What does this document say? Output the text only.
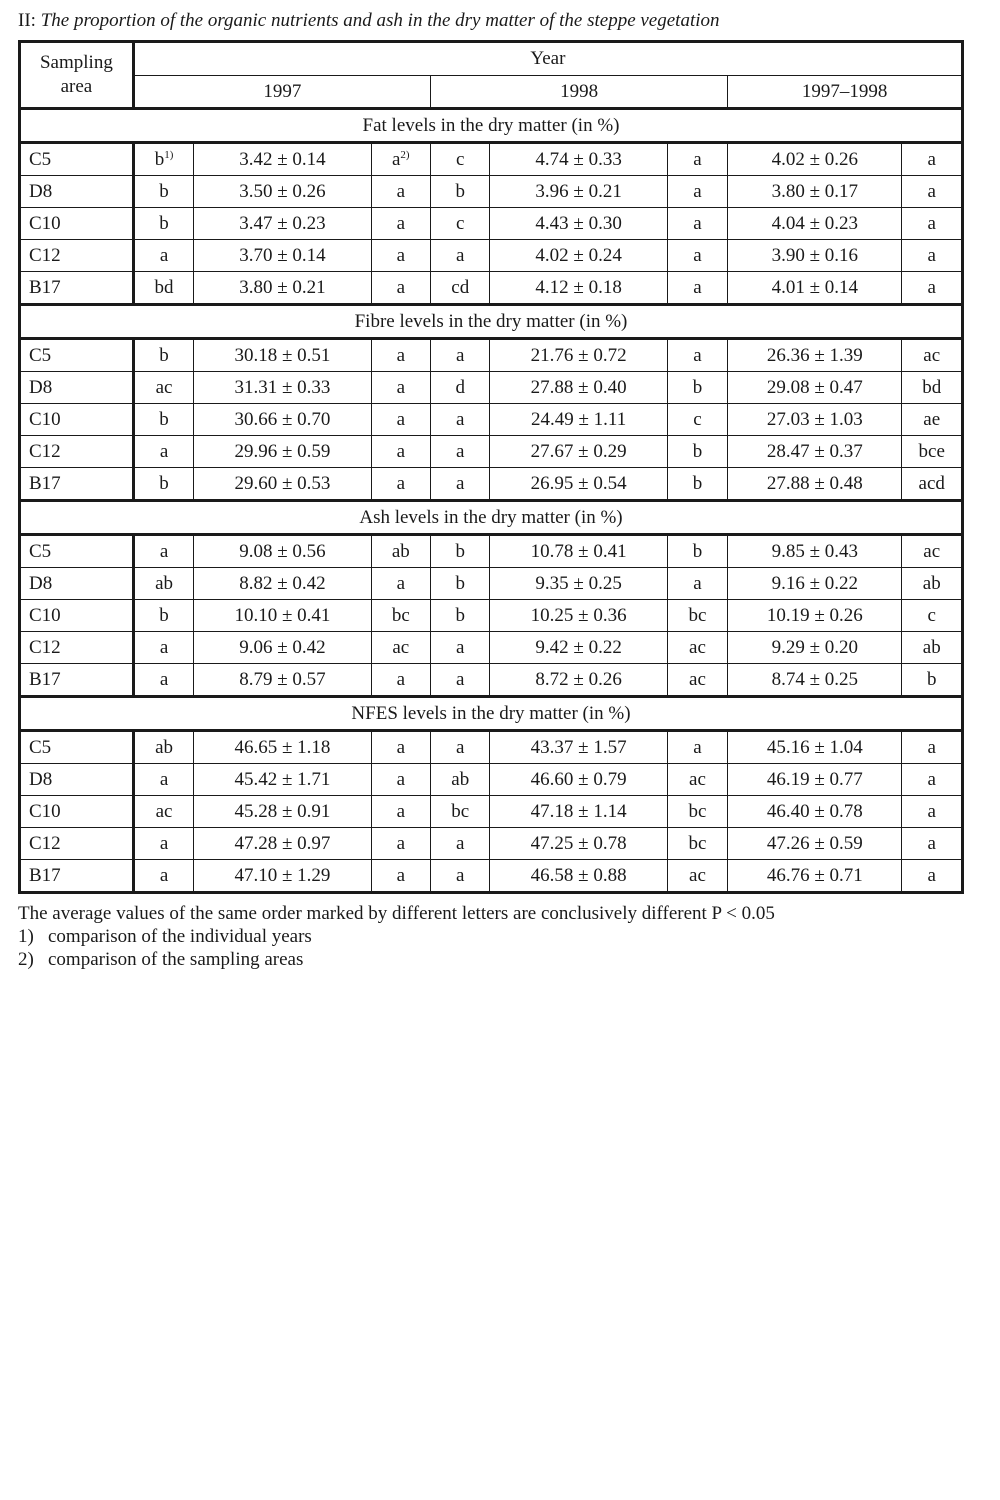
II: The proportion of the organic nutrients and ash in the dry matter of the steppe vegetation
Sampling
area	Year							
	1997			1998			1997–1998	
Fat levels in the dry matter (in %)								
C5	b$^{1)}$	3.42 ± 0.14	a$^{2)}$	c	4.74 ± 0.33	a	4.02 ± 0.26	a
D8	b	3.50 ± 0.26	a	b	3.96 ± 0.21	a	3.80 ± 0.17	a
C10	b	3.47 ± 0.23	a	c	4.43 ± 0.30	a	4.04 ± 0.23	a
C12	a	3.70 ± 0.14	a	a	4.02 ± 0.24	a	3.90 ± 0.16	a
B17	bd	3.80 ± 0.21	a	cd	4.12 ± 0.18	a	4.01 ± 0.14	a
Fibre levels in the dry matter (in %)								
C5	b	30.18 ± 0.51	a	a	21.76 ± 0.72	a	26.36 ± 1.39	ac
D8	ac	31.31 ± 0.33	a	d	27.88 ± 0.40	b	29.08 ± 0.47	bd
C10	b	30.66 ± 0.70	a	a	24.49 ± 1.11	c	27.03 ± 1.03	ae
C12	a	29.96 ± 0.59	a	a	27.67 ± 0.29	b	28.47 ± 0.37	bce
B17	b	29.60 ± 0.53	a	a	26.95 ± 0.54	b	27.88 ± 0.48	acd
Ash levels in the dry matter (in %)								
C5	a	9.08 ± 0.56	ab	b	10.78 ± 0.41	b	9.85 ± 0.43	ac
D8	ab	8.82 ± 0.42	a	b	9.35 ± 0.25	a	9.16 ± 0.22	ab
C10	b	10.10 ± 0.41	bc	b	10.25 ± 0.36	bc	10.19 ± 0.26	c
C12	a	9.06 ± 0.42	ac	a	9.42 ± 0.22	ac	9.29 ± 0.20	ab
B17	a	8.79 ± 0.57	a	a	8.72 ± 0.26	ac	8.74 ± 0.25	b
NFES levels in the dry matter (in %)								
C5	ab	46.65 ± 1.18	a	a	43.37 ± 1.57	a	45.16 ± 1.04	a
D8	a	45.42 ± 1.71	a	ab	46.60 ± 0.79	ac	46.19 ± 0.77	a
C10	ac	45.28 ± 0.91	a	bc	47.18 ± 1.14	bc	46.40 ± 0.78	a
C12	a	47.28 ± 0.97	a	a	47.25 ± 0.78	bc	47.26 ± 0.59	a
B17	a	47.10 ± 1.29	a	a	46.58 ± 0.88	ac	46.76 ± 0.71	a
The average values of the same order marked by different letters are conclusively different P < 0.05
1) comparison of the individual years
2) comparison of the sampling areas
